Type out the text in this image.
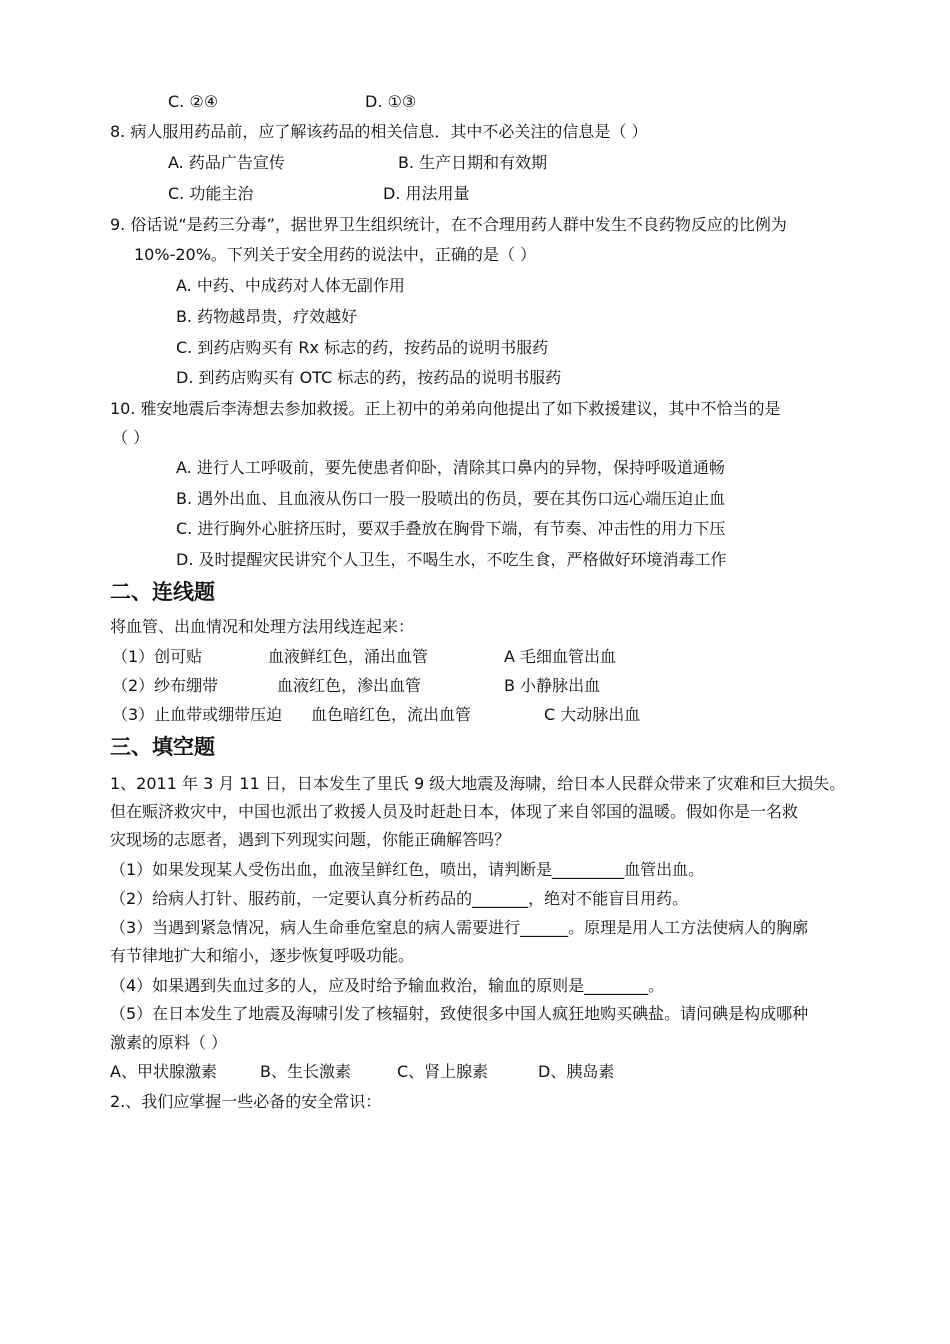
C. ②④	D. ①③
8. 病人服用药品前，应了解该药品的相关信息．其中不必关注的信息是（ ）
A. 药品广告宣传	B. 生产日期和有效期
C. 功能主治	D. 用法用量
9. 俗话说“是药三分毒”，据世界卫生组织统计，在不合理用药人群中发生不良药物反应的比例为
10%-20%。下列关于安全用药的说法中，正确的是（ ）
A. 中药、中成药对人体无副作用
B. 药物越昂贵，疗效越好
C. 到药店购买有 Rx 标志的药，按药品的说明书服药
D. 到药店购买有 OTC 标志的药，按药品的说明书服药
10. 雅安地震后李涛想去参加救援。正上初中的弟弟向他提出了如下救援建议，其中不恰当的是
（ ）
A. 进行人工呼吸前，要先使患者仰卧，清除其口鼻内的异物，保持呼吸道通畅
B. 遇外出血、且血液从伤口一股一股喷出的伤员，要在其伤口远心端压迫止血
C. 进行胸外心脏挤压时，要双手叠放在胸骨下端，有节奏、冲击性的用力下压
D. 及时提醒灾民讲究个人卫生，不喝生水，不吃生食，严格做好环境消毒工作
二、连线题
将血管、出血情况和处理方法用线连起来：
（1）创可贴	血液鲜红色，涌出血管	A 毛细血管出血
（2）纱布绷带	血液红色，渗出血管	B 小静脉出血
（3）止血带或绷带压迫 血色暗红色，流出血管	C 大动脉出血
三、填空题
1、2011 年 3 月 11 日，日本发生了里氏 9 级大地震及海啸，给日本人民群众带来了灾难和巨大损失。
但在赈济救灾中，中国也派出了救援人员及时赶赴日本，体现了来自邻国的温暖。假如你是一名救
灾现场的志愿者，遇到下列现实问题，你能正确解答吗？
（1）如果发现某人受伤出血，血液呈鲜红色，喷出，请判断是_________血管出血。
（2）给病人打针、服药前，一定要认真分析药品的_______，绝对不能盲目用药。
（3）当遇到紧急情况，病人生命垂危窒息的病人需要进行______。原理是用人工方法使病人的胸廓
有节律地扩大和缩小，逐步恢复呼吸功能。
（4）如果遇到失血过多的人，应及时给予输血救治，输血的原则是________。
（5）在日本发生了地震及海啸引发了核辐射，致使很多中国人疯狂地购买碘盐。请问碘是构成哪种
激素的原料（ ）
A、甲状腺激素	B、生长激素	C、肾上腺素	D、胰岛素
2.、我们应掌握一些必备的安全常识：
